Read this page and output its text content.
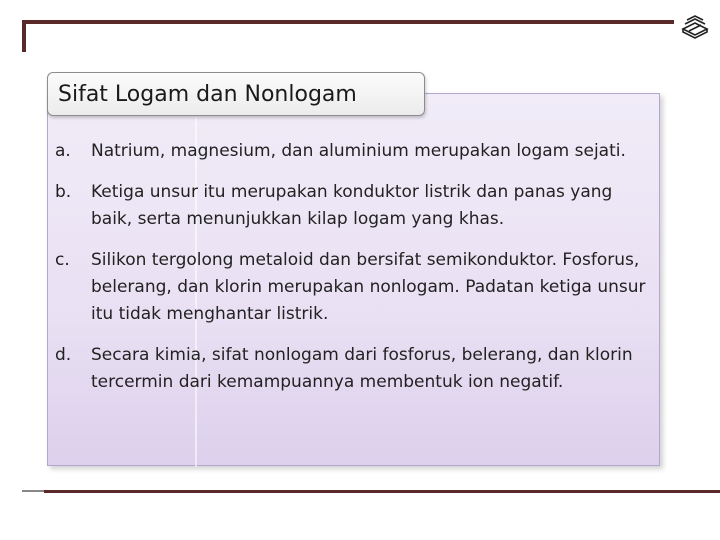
Sifat Logam dan Nonlogam
a. Natrium, magnesium, dan aluminium merupakan logam sejati.
b. Ketiga unsur itu merupakan konduktor listrik dan panas yang baik, serta menunjukkan kilap logam yang khas.
c. Silikon tergolong metaloid dan bersifat semikonduktor. Fosforus, belerang, dan klorin merupakan nonlogam. Padatan ketiga unsur itu tidak menghantar listrik.
d. Secara kimia, sifat nonlogam dari fosforus, belerang, dan klorin tercermin dari kemampuannya membentuk ion negatif.
